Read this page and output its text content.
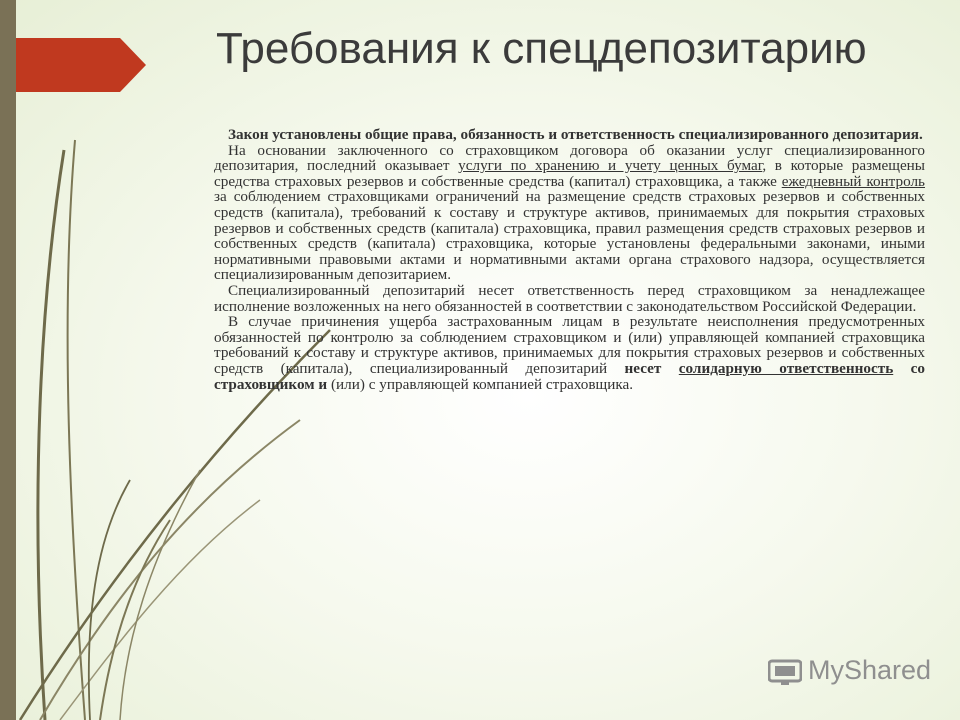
Требования к спецдепозитарию

Закон установлены общие права, обязанность и ответственность специализированного депозитария.

На основании заключенного со страховщиком договора об оказании услуг специализированного депозитария, последний оказывает услуги по хранению и учету ценных бумаг, в которые размещены средства страховых резервов и собственные средства (капитал) страховщика, а также ежедневный контроль за соблюдением страховщиками ограничений на размещение средств страховых резервов и собственных средств (капитала), требований к составу и структуре активов, принимаемых для покрытия страховых резервов и собственных средств (капитала) страховщика, правил размещения средств страховых резервов и собственных средств (капитала) страховщика, которые установлены федеральными законами, иными нормативными правовыми актами и нормативными актами органа страхового надзора, осуществляется специализированным депозитарием.

Специализированный депозитарий несет ответственность перед страховщиком за ненадлежащее исполнение возложенных на него обязанностей в соответствии с законодательством Российской Федерации.

В случае причинения ущерба застрахованным лицам в результате неисполнения предусмотренных обязанностей по контролю за соблюдением страховщиком и (или) управляющей компанией страховщика требований к составу и структуре активов, принимаемых для покрытия страховых резервов и собственных средств (капитала), специализированный депозитарий несет солидарную ответственность со страховщиком и (или) с управляющей компанией страховщика.

MyShared
